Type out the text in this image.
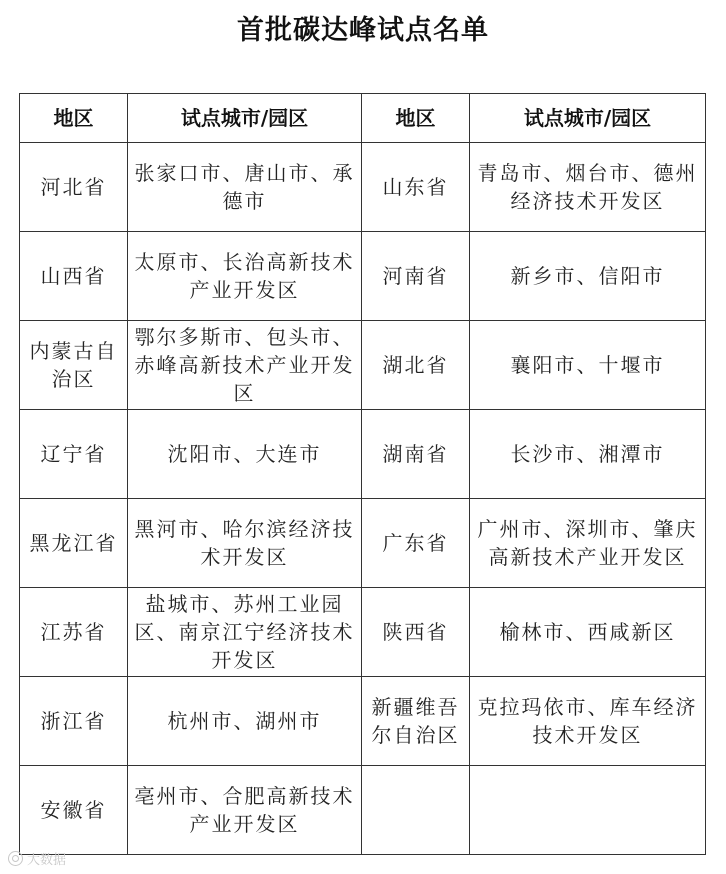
首批碳达峰试点名单
地区	试点城市/园区	地区	试点城市/园区
河北省	张家口市、唐山市、承德市	山东省	青岛市、烟台市、德州经济技术开发区
山西省	太原市、长治高新技术产业开发区	河南省	新乡市、信阳市
内蒙古自治区	鄂尔多斯市、包头市、赤峰高新技术产业开发区	湖北省	襄阳市、十堰市
辽宁省	沈阳市、大连市	湖南省	长沙市、湘潭市
黑龙江省	黑河市、哈尔滨经济技术开发区	广东省	广州市、深圳市、肇庆高新技术产业开发区
江苏省	盐城市、苏州工业园区、南京江宁经济技术开发区	陕西省	榆林市、西咸新区
浙江省	杭州市、湖州市	新疆维吾尔自治区	克拉玛依市、库车经济技术开发区
安徽省	亳州市、合肥高新技术产业开发区		
大数据
